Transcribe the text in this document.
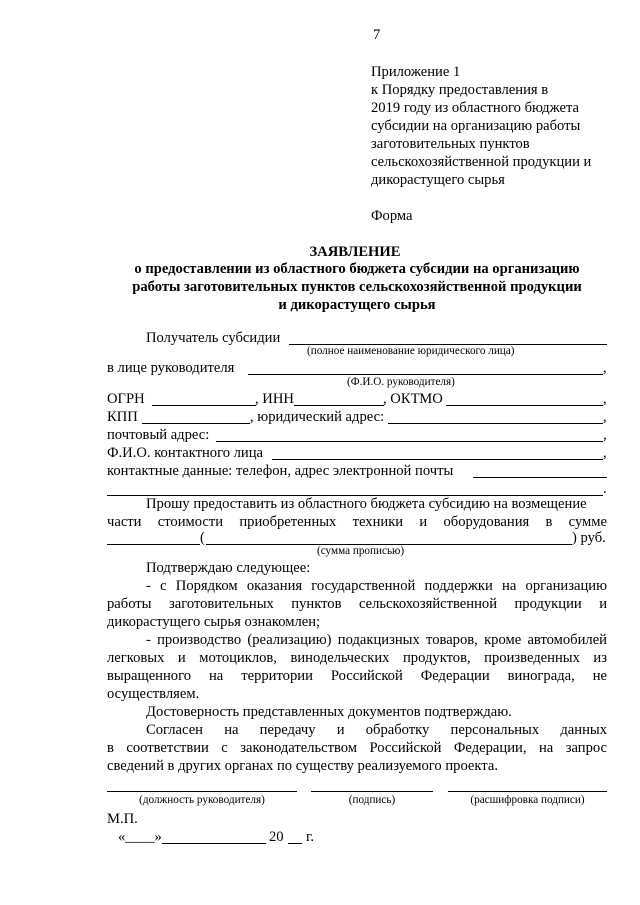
7
Приложение 1
к Порядку предоставления в
2019 году из областного бюджета
субсидии на организацию работы
заготовительных пунктов
сельскохозяйственной продукции и
дикорастущего сырья
Форма
ЗАЯВЛЕНИЕ
о предоставлении из областного бюджета субсидии на организацию
работы заготовительных пунктов сельскохозяйственной продукции
и дикорастущего сырья
Получатель субсидии
(полное наименование юридического лица)
в лице руководителя	,
(Ф.И.О. руководителя)
ОГРН	, ИНН	, ОКТМО	,
КПП	, юридический адрес:	,
почтовый адрес:	,
Ф.И.О. контактного лица	,
контактные данные: телефон, адрес электронной почты
.
Прошу предоставить из областного бюджета субсидию на возмещение
части стоимости приобретенных техники и оборудования в сумме
(	) руб.
(сумма прописью)
Подтверждаю следующее:
- с Порядком оказания государственной поддержки на организацию
работы заготовительных пунктов сельскохозяйственной продукции и
дикорастущего сырья ознакомлен;
- производство (реализацию) подакцизных товаров, кроме автомобилей
легковых и мотоциклов, винодельческих продуктов, произведенных из
выращенного на территории Российской Федерации винограда, не
осуществляем.
Достоверность представленных документов подтверждаю.
Согласен на передачу и обработку персональных данных
в соответствии с законодательством Российской Федерации, на запрос
сведений в других органах по существу реализуемого проекта.
(должность руководителя)	(подпись)	(расшифровка подписи)
М.П.
«____»	20 г.
